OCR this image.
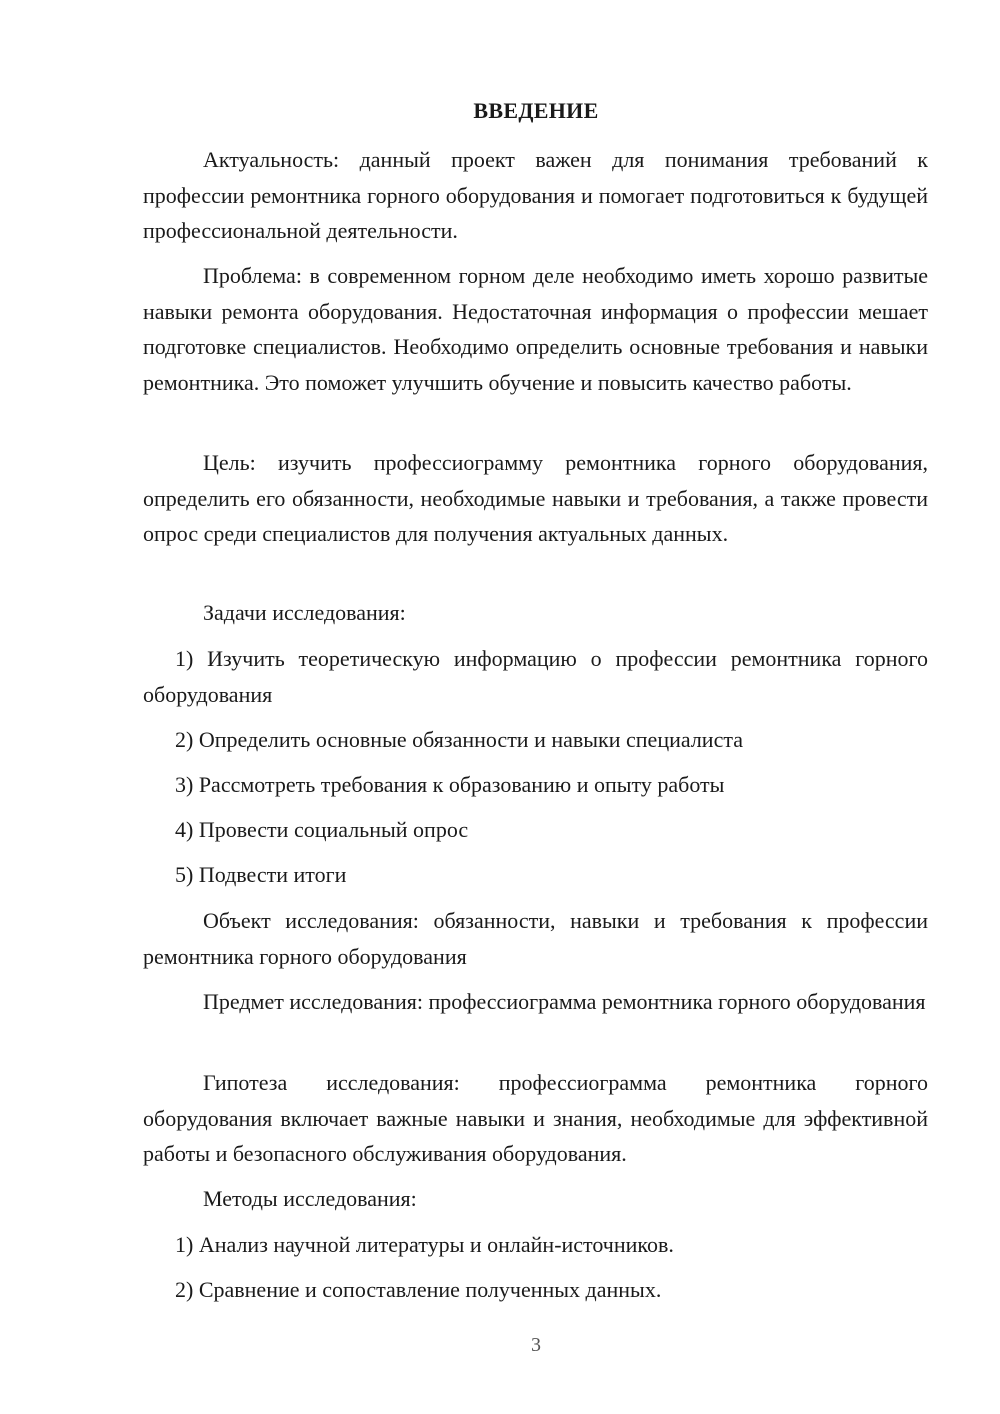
ВВЕДЕНИЕ

Актуальность: данный проект важен для понимания требований к профессии ремонтника горного оборудования и помогает подготовиться к будущей профессиональной деятельности.

Проблема: в современном горном деле необходимо иметь хорошо развитые навыки ремонта оборудования. Недостаточная информация о профессии мешает подготовке специалистов. Необходимо определить основные требования и навыки ремонтника. Это поможет улучшить обучение и повысить качество работы.

Цель: изучить профессиограмму ремонтника горного оборудования, определить его обязанности, необходимые навыки и требования, а также провести опрос среди специалистов для получения актуальных данных.

Задачи исследования:

1) Изучить теоретическую информацию о профессии ремонтника горного оборудования

2) Определить основные обязанности и навыки специалиста

3) Рассмотреть требования к образованию и опыту работы

4) Провести социальный опрос

5) Подвести итоги

Объект исследования: обязанности, навыки и требования к профессии ремонтника горного оборудования

Предмет исследования: профессиограмма ремонтника горного оборудования

Гипотеза исследования: профессиограмма ремонтника горного оборудования включает важные навыки и знания, необходимые для эффективной работы и безопасного обслуживания оборудования.

Методы исследования:

1) Анализ научной литературы и онлайн-источников.

2) Сравнение и сопоставление полученных данных.

3
